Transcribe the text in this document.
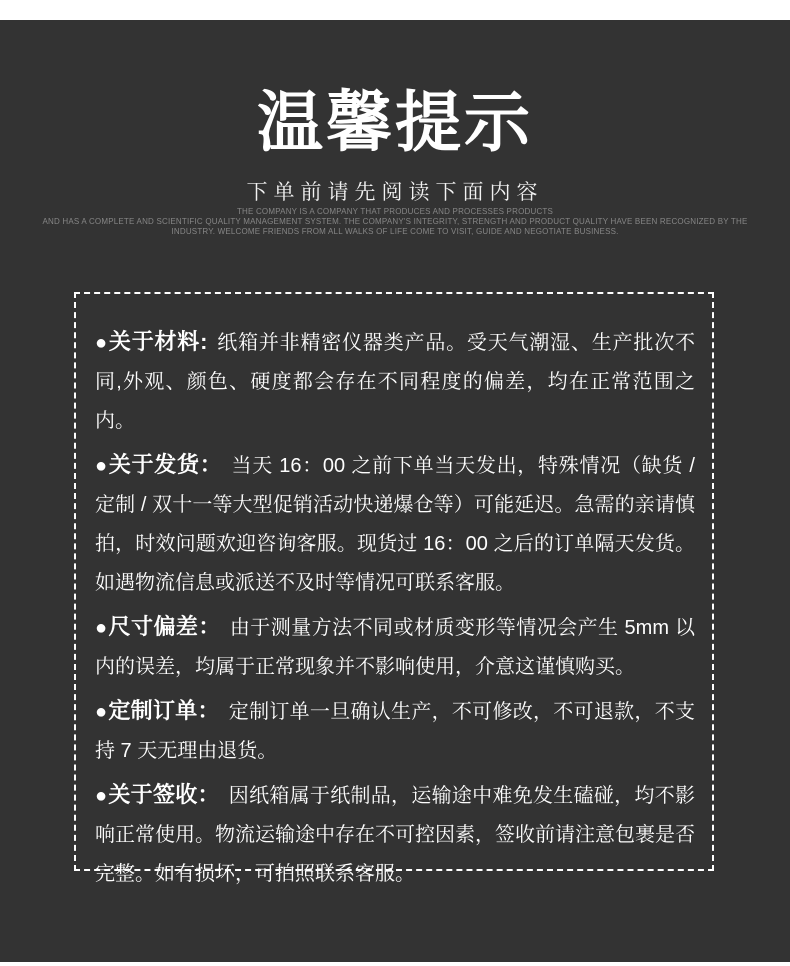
温馨提示
下单前请先阅读下面内容
THE COMPANY IS A COMPANY THAT PRODUCES AND PROCESSES PRODUCTS
AND HAS A COMPLETE AND SCIENTIFIC QUALITY MANAGEMENT SYSTEM. THE COMPANY'S INTEGRITY, STRENGTH AND PRODUCT QUALITY HAVE BEEN RECOGNIZED BY THE
INDUSTRY. WELCOME FRIENDS FROM ALL WALKS OF LIFE COME TO VISIT, GUIDE AND NEGOTIATE BUSINESS.

●关于材料: 纸箱并非精密仪器类产品。受天气潮湿、生产批次不同,外观、颜色、硬度都会存在不同程度的偏差，均在正常范围之内。

●关于发货： 当天 16：00 之前下单当天发出，特殊情况（缺货 / 定制 / 双十一等大型促销活动快递爆仓等）可能延迟。急需的亲请慎拍，时效问题欢迎咨询客服。现货过 16：00 之后的订单隔天发货。如遇物流信息或派送不及时等情况可联系客服。

●尺寸偏差： 由于测量方法不同或材质变形等情况会产生 5mm 以内的误差，均属于正常现象并不影响使用，介意这谨慎购买。

●定制订单： 定制订单一旦确认生产，不可修改，不可退款，不支持 7 天无理由退货。

●关于签收： 因纸箱属于纸制品，运输途中难免发生磕碰，均不影响正常使用。物流运输途中存在不可控因素，签收前请注意包裹是否完整。如有损坏，可拍照联系客服。
